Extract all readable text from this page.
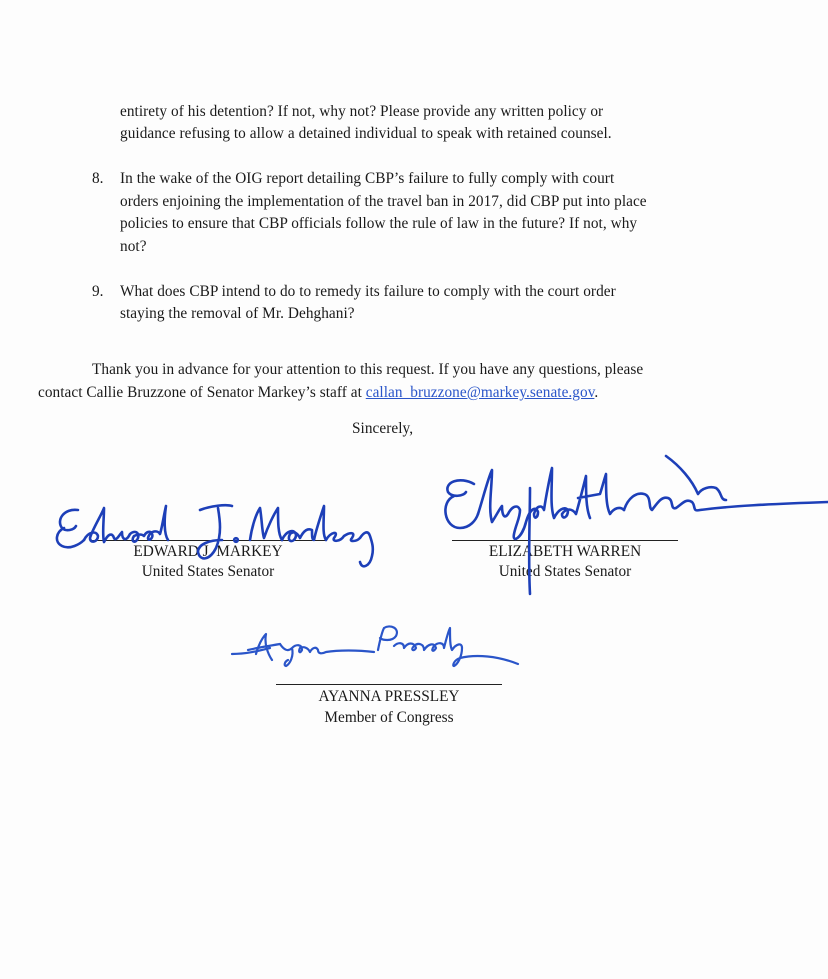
entirety of his detention? If not, why not? Please provide any written policy or
guidance refusing to allow a detained individual to speak with retained counsel.
8. In the wake of the OIG report detailing CBP’s failure to fully comply with court
orders enjoining the implementation of the travel ban in 2017, did CBP put into place
policies to ensure that CBP officials follow the rule of law in the future? If not, why
not?
9. What does CBP intend to do to remedy its failure to comply with the court order
staying the removal of Mr. Dehghani?
Thank you in advance for your attention to this request. If you have any questions, please
contact Callie Bruzzone of Senator Markey’s staff at callan_bruzzone@markey.senate.gov.
Sincerely,
EDWARD J. MARKEY
United States Senator
ELIZABETH WARREN
United States Senator
AYANNA PRESSLEY
Member of Congress
